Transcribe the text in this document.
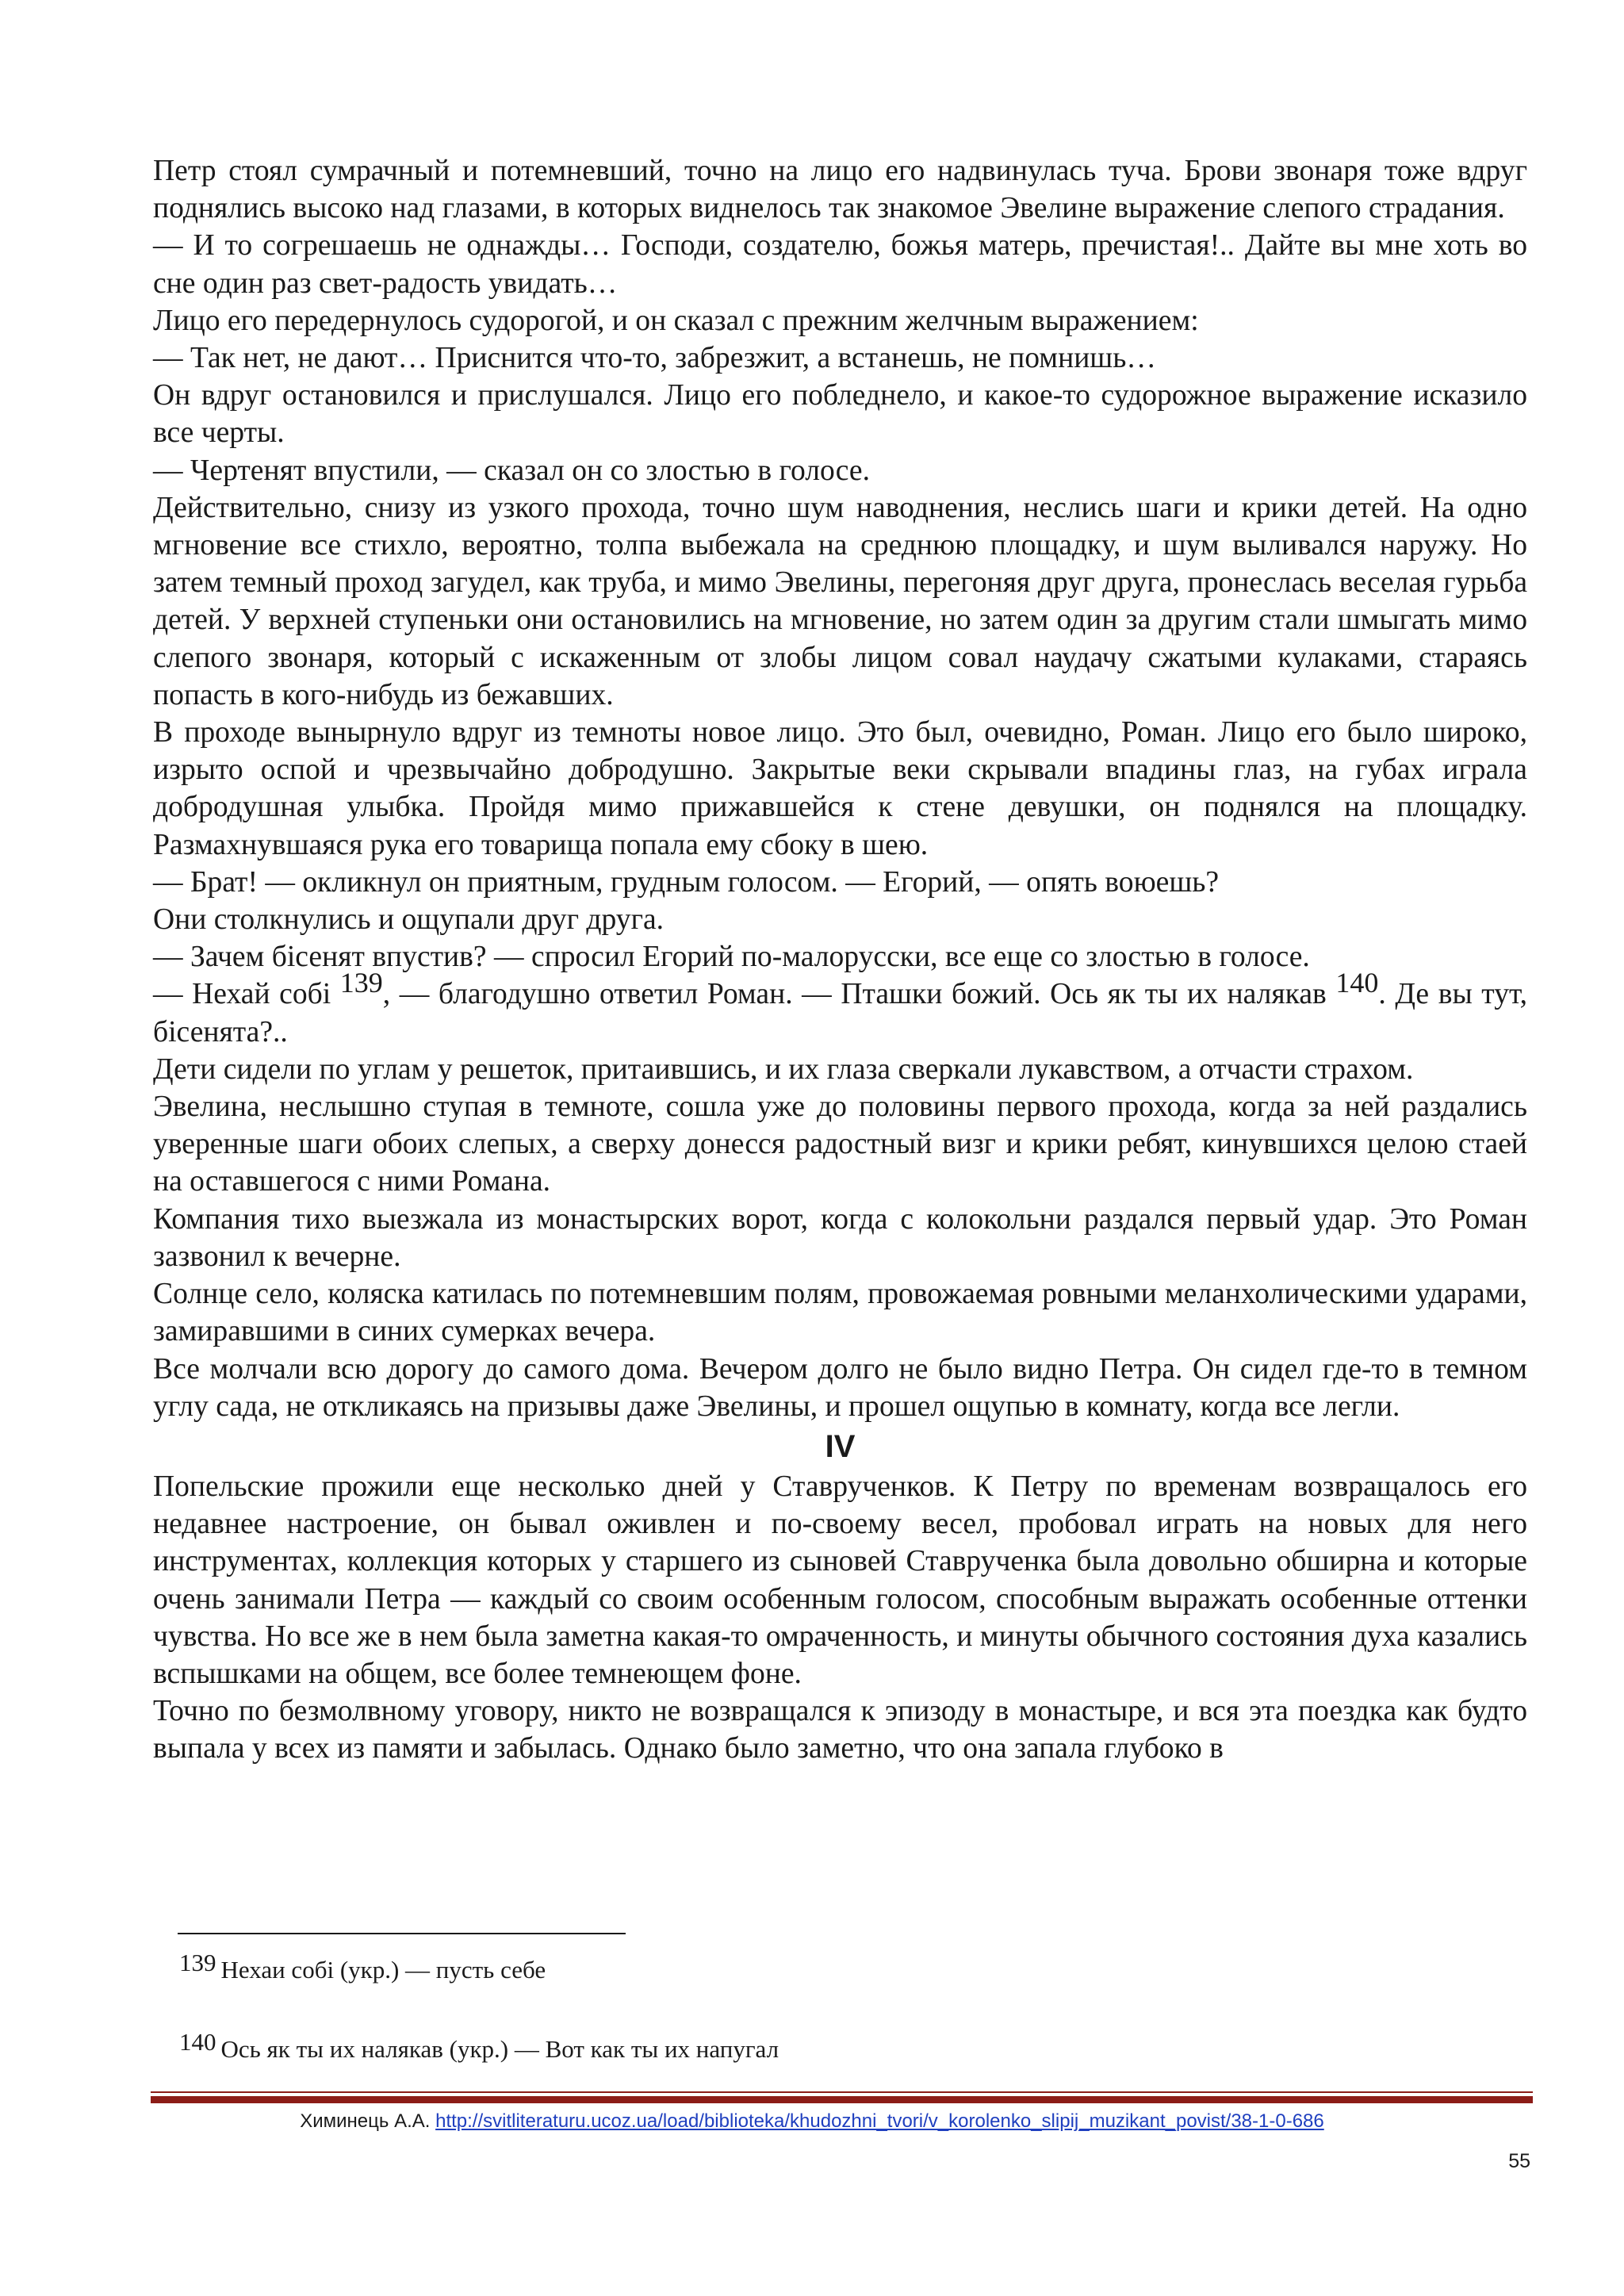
Петр стоял сумрачный и потемневший, точно на лицо его надвинулась туча. Брови звонаря тоже вдруг поднялись высоко над глазами, в которых виднелось так знакомое Эвелине выражение слепого страдания.

— И то согрешаешь не однажды… Господи, создателю, божья матерь, пречистая!.. Дайте вы мне хоть во сне один раз свет-радость увидать…

Лицо его передернулось судорогой, и он сказал с прежним желчным выражением:

— Так нет, не дают… Приснится что-то, забрезжит, а встанешь, не помнишь…

Он вдруг остановился и прислушался. Лицо его побледнело, и какое-то судорожное выражение исказило все черты.

— Чертенят впустили, — сказал он со злостью в голосе.

Действительно, снизу из узкого прохода, точно шум наводнения, неслись шаги и крики детей. На одно мгновение все стихло, вероятно, толпа выбежала на среднюю площадку, и шум выливался наружу. Но затем темный проход загудел, как труба, и мимо Эвелины, перегоняя друг друга, пронеслась веселая гурьба детей. У верхней ступеньки они остановились на мгновение, но затем один за другим стали шмыгать мимо слепого звонаря, который с искаженным от злобы лицом совал наудачу сжатыми кулаками, стараясь попасть в кого-нибудь из бежавших.

В проходе вынырнуло вдруг из темноты новое лицо. Это был, очевидно, Роман. Лицо его было широко, изрыто оспой и чрезвычайно добродушно. Закрытые веки скрывали впадины глаз, на губах играла добродушная улыбка. Пройдя мимо прижавшейся к стене девушки, он поднялся на площадку. Размахнувшаяся рука его товарища попала ему сбоку в шею.

— Брат! — окликнул он приятным, грудным голосом. — Егорий, — опять воюешь?

Они столкнулись и ощупали друг друга.

— Зачем бiсенят впустив? — спросил Егорий по-малорусски, все еще со злостью в голосе.

— Нехай собi 139, — благодушно ответил Роман. — Пташки божий. Ось як ты их налякав 140. Де вы тут, бiсенята?..

Дети сидели по углам у решеток, притаившись, и их глаза сверкали лукавством, а отчасти страхом.

Эвелина, неслышно ступая в темноте, сошла уже до половины первого прохода, когда за ней раздались уверенные шаги обоих слепых, а сверху донесся радостный визг и крики ребят, кинувшихся целою стаей на оставшегося с ними Романа.

Компания тихо выезжала из монастырских ворот, когда с колокольни раздался первый удар. Это Роман зазвонил к вечерне.

Солнце село, коляска катилась по потемневшим полям, провожаемая ровными меланхолическими ударами, замиравшими в синих сумерках вечера.

Все молчали всю дорогу до самого дома. Вечером долго не было видно Петра. Он сидел где-то в темном углу сада, не откликаясь на призывы даже Эвелины, и прошел ощупью в комнату, когда все легли.

IV

Попельские прожили еще несколько дней у Ставрученков. К Петру по временам возвращалось его недавнее настроение, он бывал оживлен и по-своему весел, пробовал играть на новых для него инструментах, коллекция которых у старшего из сыновей Ставрученка была довольно обширна и которые очень занимали Петра — каждый со своим особенным голосом, способным выражать особенные оттенки чувства. Но все же в нем была заметна какая-то омраченность, и минуты обычного состояния духа казались вспышками на общем, все более темнеющем фоне.

Точно по безмолвному уговору, никто не возвращался к эпизоду в монастыре, и вся эта поездка как будто выпала у всех из памяти и забылась. Однако было заметно, что она запала глубоко в

139 Нехаи собi (укр.) — пусть себе
140 Ось як ты их налякав (укр.) — Вот как ты их напугал
Химинець А.А. http://svitliteraturu.ucoz.ua/load/biblioteka/khudozhni_tvori/v_korolenko_slipij_muzikant_povist/38-1-0-686
55
